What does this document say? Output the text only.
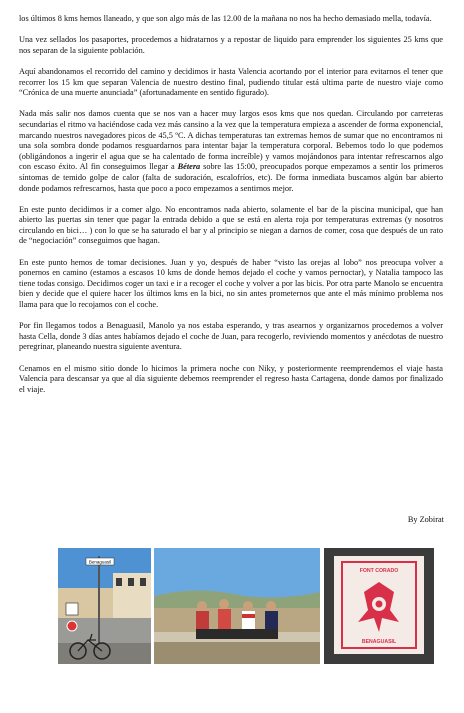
los últimos 8 kms hemos llaneado, y que son algo más de las 12.00 de la mañana no nos ha hecho demasiado mella, todavía.

Una vez sellados los pasaportes, procedemos a hidratarnos y a repostar de liquido para emprender los siguientes 25 kms que nos separan de la siguiente población.

Aquí abandonamos el recorrido del camino y decidimos ir hasta Valencia acortando por el interior para evitarnos el tener que recorrer los 15 km que separan Valencia de nuestro destino final, pudiendo titular está ultima parte de nuestro viaje como “Crónica de una muerte anunciada” (afortunadamente en sentido figurado).

Nada más salir nos damos cuenta que se nos van a hacer muy largos esos kms que nos quedan. Circulando por carreteras secundarias el ritmo va haciéndose cada vez más cansino a la vez que la temperatura empieza a ascender de forma exponencial, marcando nuestros navegadores picos de 45,5 ºC. A dichas temperaturas tan extremas hemos de sumar que no encontramos ni una sola sombra donde podamos resguardarnos para intentar bajar la temperatura corporal. Bebemos todo lo que podemos (obligándonos a ingerir el agua que se ha calentado de forma increíble) y vamos mojándonos para intentar refrescarnos algo con escaso éxito. Al fin conseguimos llegar a Bétera sobre las 15:00, preocupados porque empezamos a sentir los primeros síntomas de temido golpe de calor (falta de sudoración, escalofríos, etc). De forma inmediata buscamos algún bar abierto donde podamos refrescarnos, hasta que poco a poco empezamos a sentirnos mejor.

En este punto decidimos ir a comer algo. No encontramos nada abierto, solamente el bar de la piscina municipal, que han abierto las puertas sin tener que pagar la entrada debido a que se está en alerta roja por temperaturas extremas (y nosotros circulando en bici… ) con lo que se ha saturado el bar y al principio se niegan a darnos de comer, cosa que después de un rato de “negociación” conseguimos que hagan.

En este punto hemos de tomar decisiones. Juan y yo, después de haber “visto las orejas al lobo” nos preocupa volver a ponernos en camino (estamos a escasos 10 kms de donde hemos dejado el coche y vamos pernoctar), y Natalia tampoco las tiene todas consigo. Decidimos coger un taxi e ir a recoger el coche y volver a por las bicis. Por otra parte Manolo se encuentra bien y decide que el quiere hacer los últimos kms en la bici, no sin antes prometernos que ante el más mínimo problema nos llama para que lo recojamos con el coche.

Por fin llegamos todos a Benaguasil, Manolo ya nos estaba esperando, y tras asearnos y organizarnos procedemos a volver hasta Cella, donde 3 días antes habíamos dejado el coche de Juan, para recogerlo, reviviendo momentos y anécdotas de nuestro peregrinar, planeando nuestra siguiente aventura.

Cenamos en el mismo sitio donde lo hicimos la primera noche con Niky, y posteriormente reemprendemos el viaje hasta Valencia para descansar ya que al día siguiente debemos reemprender el regreso hasta Cartagena, donde damos por finalizado el viaje.

By Zobirat
Benaguasil
FONT CORADO
BENAGUASIL
